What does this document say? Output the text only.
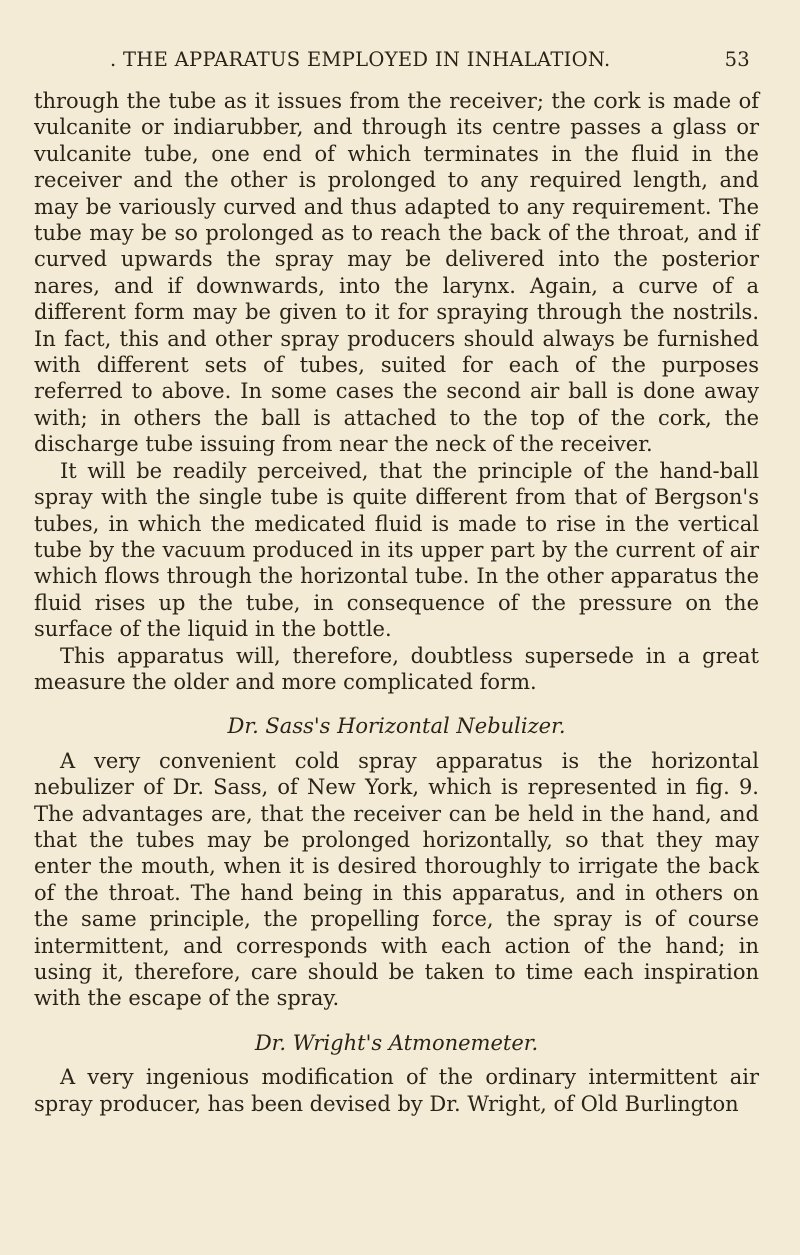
. THE APPARATUS EMPLOYED IN INHALATION.	53

through the tube as it issues from the receiver; the cork is made of vulcanite or indiarubber, and through its centre passes a glass or vulcanite tube, one end of which terminates in the fluid in the receiver and the other is prolonged to any required length, and may be variously curved and thus adapted to any requirement. The tube may be so prolonged as to reach the back of the throat, and if curved upwards the spray may be delivered into the posterior nares, and if downwards, into the larynx. Again, a curve of a different form may be given to it for spraying through the nostrils. In fact, this and other spray producers should always be furnished with different sets of tubes, suited for each of the purposes referred to above. In some cases the second air ball is done away with; in others the ball is attached to the top of the cork, the discharge tube issuing from near the neck of the receiver.

It will be readily perceived, that the principle of the hand-ball spray with the single tube is quite different from that of Bergson's tubes, in which the medicated fluid is made to rise in the vertical tube by the vacuum produced in its upper part by the current of air which flows through the horizontal tube. In the other apparatus the fluid rises up the tube, in consequence of the pressure on the surface of the liquid in the bottle.

This apparatus will, therefore, doubtless supersede in a great measure the older and more complicated form.

Dr. Sass's Horizontal Nebulizer.

A very convenient cold spray apparatus is the horizontal nebulizer of Dr. Sass, of New York, which is represented in fig. 9. The advantages are, that the receiver can be held in the hand, and that the tubes may be prolonged horizontally, so that they may enter the mouth, when it is desired thoroughly to irrigate the back of the throat. The hand being in this apparatus, and in others on the same principle, the propelling force, the spray is of course intermittent, and corresponds with each action of the hand; in using it, therefore, care should be taken to time each inspiration with the escape of the spray.

Dr. Wright's Atmonemeter.

A very ingenious modification of the ordinary intermittent air spray producer, has been devised by Dr. Wright, of Old Burlington
